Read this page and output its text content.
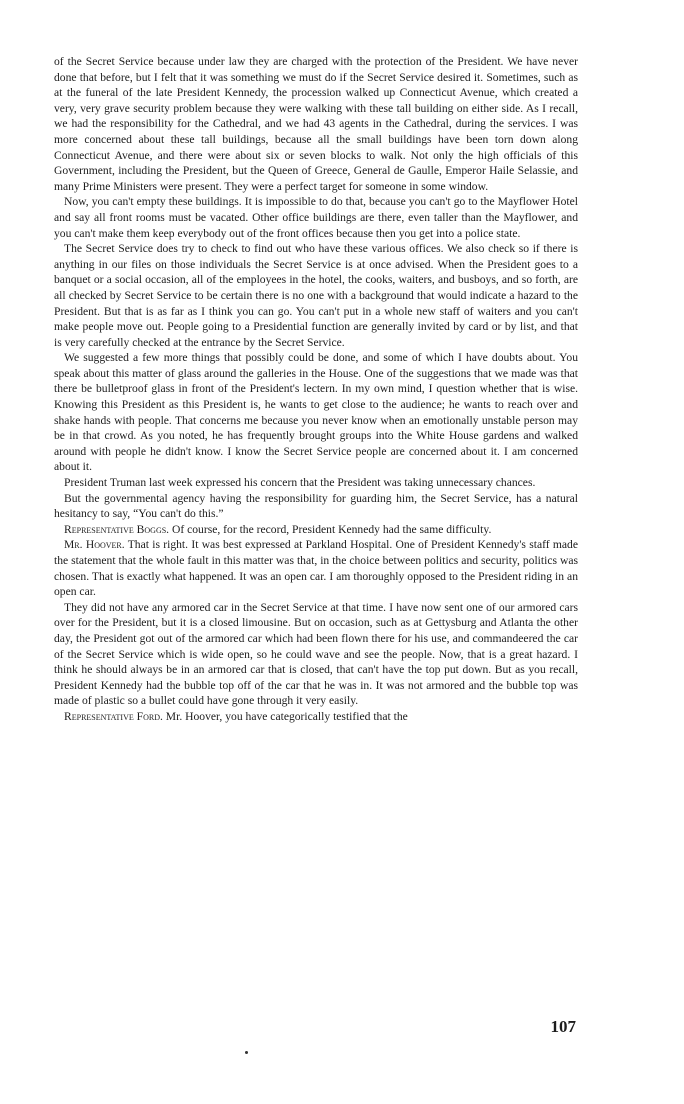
of the Secret Service because under law they are charged with the protection of the President. We have never done that before, but I felt that it was something we must do if the Secret Service desired it. Sometimes, such as at the funeral of the late President Kennedy, the procession walked up Connecticut Avenue, which created a very, very grave security problem because they were walking with these tall building on either side. As I recall, we had the responsibility for the Cathedral, and we had 43 agents in the Cathedral, during the services. I was more concerned about these tall buildings, because all the small buildings have been torn down along Connecticut Avenue, and there were about six or seven blocks to walk. Not only the high officials of this Government, including the President, but the Queen of Greece, General de Gaulle, Emperor Haile Selassie, and many Prime Ministers were present. They were a perfect target for someone in some window.

Now, you can't empty these buildings. It is impossible to do that, because you can't go to the Mayflower Hotel and say all front rooms must be vacated. Other office buildings are there, even taller than the Mayflower, and you can't make them keep everybody out of the front offices because then you get into a police state.

The Secret Service does try to check to find out who have these various offices. We also check so if there is anything in our files on those individuals the Secret Service is at once advised. When the President goes to a banquet or a social occasion, all of the employees in the hotel, the cooks, waiters, and busboys, and so forth, are all checked by Secret Service to be certain there is no one with a background that would indicate a hazard to the President. But that is as far as I think you can go. You can't put in a whole new staff of waiters and you can't make people move out. People going to a Presidential function are generally invited by card or by list, and that is very carefully checked at the entrance by the Secret Service.

We suggested a few more things that possibly could be done, and some of which I have doubts about. You speak about this matter of glass around the galleries in the House. One of the suggestions that we made was that there be bulletproof glass in front of the President's lectern. In my own mind, I question whether that is wise. Knowing this President as this President is, he wants to get close to the audience; he wants to reach over and shake hands with people. That concerns me because you never know when an emotionally unstable person may be in that crowd. As you noted, he has frequently brought groups into the White House gardens and walked around with people he didn't know. I know the Secret Service people are concerned about it. I am concerned about it.

President Truman last week expressed his concern that the President was taking unnecessary chances.

But the governmental agency having the responsibility for guarding him, the Secret Service, has a natural hesitancy to say, “You can't do this.”

Representative Boggs. Of course, for the record, President Kennedy had the same difficulty.

Mr. Hoover. That is right. It was best expressed at Parkland Hospital. One of President Kennedy's staff made the statement that the whole fault in this matter was that, in the choice between politics and security, politics was chosen. That is exactly what happened. It was an open car. I am thoroughly opposed to the President riding in an open car.

They did not have any armored car in the Secret Service at that time. I have now sent one of our armored cars over for the President, but it is a closed limousine. But on occasion, such as at Gettysburg and Atlanta the other day, the President got out of the armored car which had been flown there for his use, and commandeered the car of the Secret Service which is wide open, so he could wave and see the people. Now, that is a great hazard. I think he should always be in an armored car that is closed, that can't have the top put down. But as you recall, President Kennedy had the bubble top off of the car that he was in. It was not armored and the bubble top was made of plastic so a bullet could have gone through it very easily.

Representative Ford. Mr. Hoover, you have categorically testified that the

107
